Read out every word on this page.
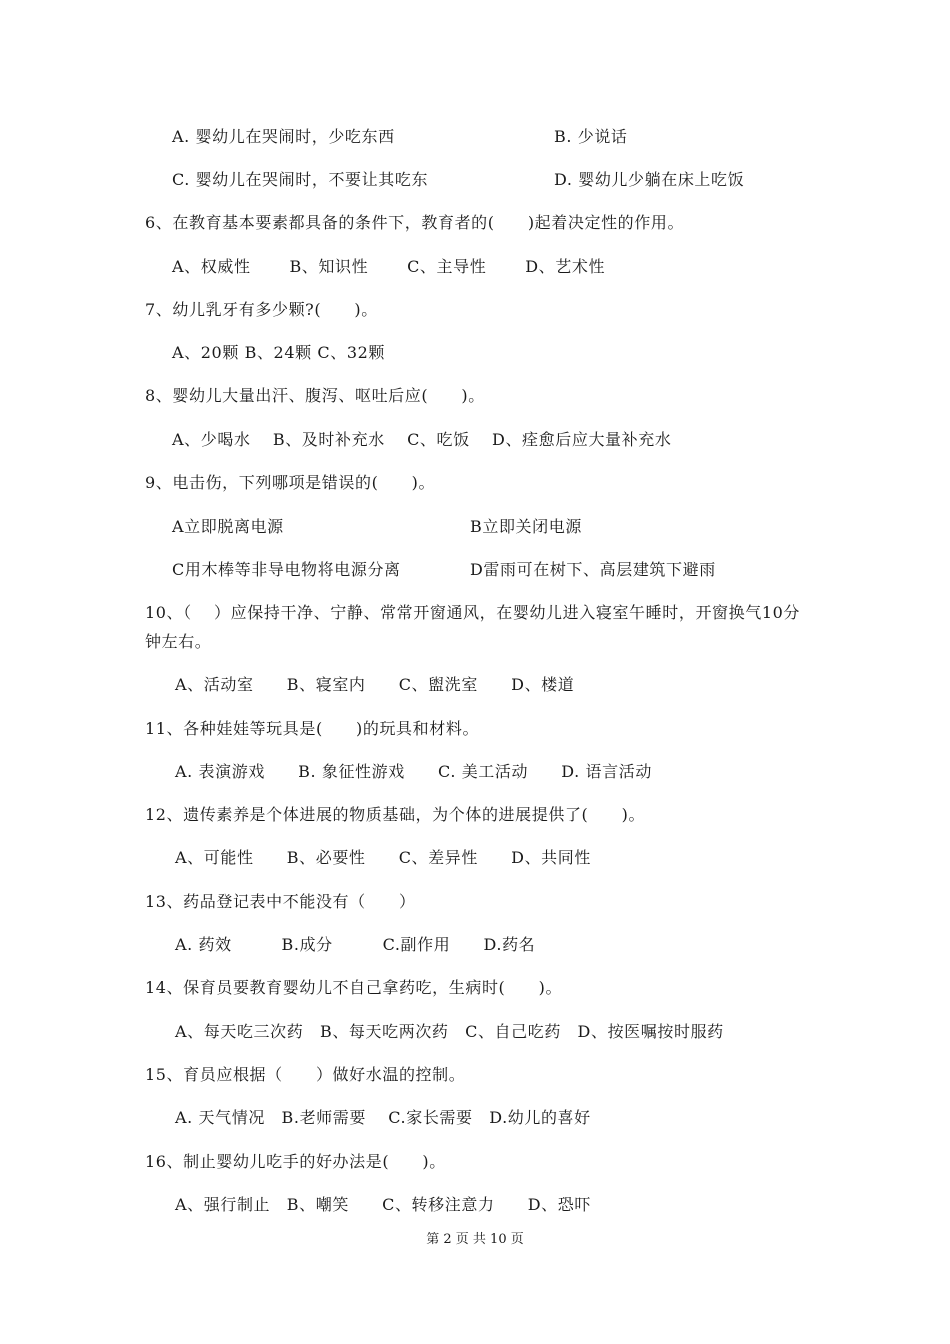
A. 婴幼儿在哭闹时，少吃东西	B. 少说话
C. 婴幼儿在哭闹时，不要让其吃东	D. 婴幼儿少躺在床上吃饭
6、在教育基本要素都具备的条件下，教育者的(　　)起着决定性的作用。
A、权威性　　 B、知识性　　 C、主导性　　 D、艺术性
7、幼儿乳牙有多少颗?(　　)。
A、20颗 B、24颗 C、32颗
8、婴幼儿大量出汗、腹泻、呕吐后应(　　)。
A、少喝水　 B、及时补充水　 C、吃饭　 D、痊愈后应大量补充水
9、电击伤，下列哪项是错误的(　　)。
A立即脱离电源	B立即关闭电源
C用木棒等非导电物将电源分离	D雷雨可在树下、高层建筑下避雨
10、（　 ）应保持干净、宁静、常常开窗通风，在婴幼儿进入寝室午睡时，开窗换气10分
钟左右。
A、活动室　　B、寝室内　　C、盥洗室　　D、楼道
11、各种娃娃等玩具是(　　)的玩具和材料。
A. 表演游戏　　B. 象征性游戏　　C. 美工活动　　D. 语言活动
12、遗传素养是个体进展的物质基础，为个体的进展提供了(　　)。
A、可能性　　B、必要性　　C、差异性　　D、共同性
13、药品登记表中不能没有（　　）
A. 药效　　　B.成分　　　C.副作用　　D.药名
14、保育员要教育婴幼儿不自己拿药吃，生病时(　　)。
A、每天吃三次药　B、每天吃两次药　C、自己吃药　D、按医嘱按时服药
15、育员应根据（　　）做好水温的控制。
A. 天气情况　B.老师需要　 C.家长需要　D.幼儿的喜好
16、制止婴幼儿吃手的好办法是(　　)。
A、强行制止　B、嘲笑　　C、转移注意力　　D、恐吓
第 2 页 共 10 页
